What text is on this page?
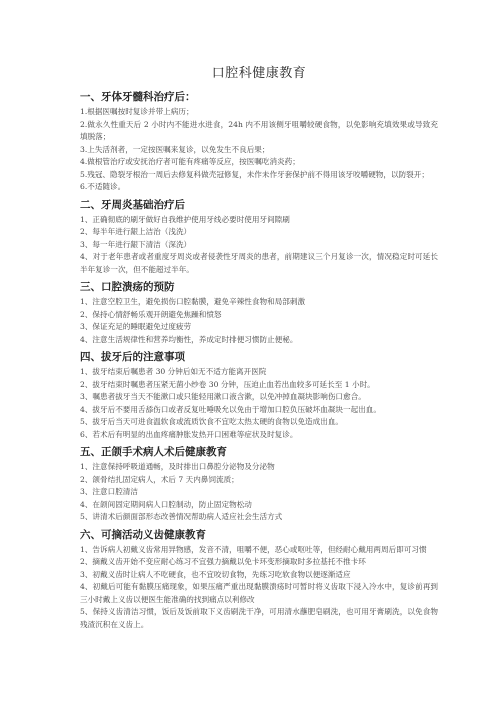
口腔科健康教育
一、牙体牙髓科治疗后：

1.根据医嘱按时复诊并带上病历；

2.做永久性重天后 2 小时内不能进水进食，24h 内不用该侧牙咀嚼较硬食物，以免影响充填效果或导致充填脱落；

3.上失活剂者，一定按医嘱来复诊，以免发生不良后果；

4.做根管治疗或安抚治疗者可能有疼痛等反应，按医嘱吃消炎药；

5.残冠、隐裂牙根治一周后去修复科做壳冠修复，未作未作牙套保护前不得用该牙咬嚼硬物，以防裂开；

6.不适随诊。

二、牙周炎基础治疗后

1、正确彻底的刷牙做好自我维护使用牙线必要时使用牙间隙刷

2、每半年进行龈上洁治（浅洗）

3、每一年进行龈下清洁（深洗）

4、对于老年患者或者重度牙周炎或者侵袭性牙周炎的患者，前期建议三个月复诊一次，情况稳定时可延长半年复诊一次，但不能超过半年。

三、口腔溃疡的预防

1、注意空腔卫生，避免损伤口腔黏膜，避免辛辣性食物和局部刺激

2、保持心情舒畅乐观开朗避免焦躁和愤怒

3、保证充足的睡眠避免过度疲劳

4、注意生活规律性和营养均衡性，养成定时排便习惯防止便秘。

四、拔牙后的注意事项

1、拔牙结束后嘱患者 30 分钟后如无不适方能离开医院

2、拔牙结束时嘱患者压紧无菌小纱卷 30 分钟，压迫止血若出血较多可延长至 1 小时。

3、嘱患者拔牙当天不能漱口或只能轻用漱口液含漱，以免冲掉血凝块影响伤口愈合。

4、拔牙后不要用舌舔伤口或者反复吐唾吸允以免由于增加口腔负压破坏血凝块一起出血。

5、拔牙后当天可进食温软食或流质饮食不宜吃太热太硬的食物以免造成出血。

6、若术后有明显的出血疼痛肿胀发热开口困难等症状及时复诊。

五、正颌手术病人术后健康教育

1、注意保持呼吸道通畅，及时排出口鼻腔分泌物及分泌物

2、颌骨结扎固定病人，术后 7 天内鼻饲流质；

3、注意口腔清洁

4、在颌间固定期间病人口腔制动，防止固定物松动

5、讲清术后颜面部形态改善情况帮助病人适应社会生活方式

六、可摘活动义齿健康教育

1、告诉病人初戴义齿常用异物感，发音不清，咀嚼不便，恶心或呕吐等，但经耐心戴用两周后即可习惯

2、摘戴义齿开始不变应耐心练习不宜强力摘戴以免卡环变形摘取时多拉基托不推卡环

3、初戴义齿时让病人不吃硬食，也不宜咬切食物，先练习吃软食物以便逐渐适应

4、初戴后可能有黏膜压痛现象，如果压痛严重出现黏膜溃疡时可暂时将义齿取下浸入冷水中，复诊前再到三小时戴上义齿以便医生能准确的找到痛点以利修改

5、保持义齿清洁习惯，饭后及饭前取下义齿刷洗干净，可用清水蘸肥皂刷洗，也可用牙膏刷洗，以免食物残渣沉积在义齿上。
